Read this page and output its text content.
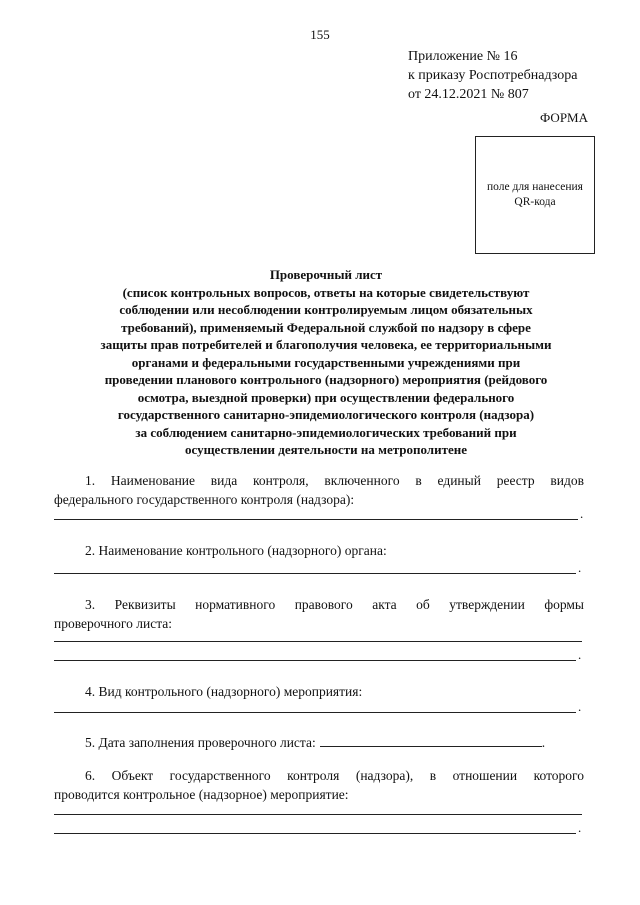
155
Приложение № 16
к приказу Роспотребнадзора
от 24.12.2021 № 807
ФОРМА
поле для нанесения
QR-кода
Проверочный лист
(список контрольных вопросов, ответы на которые свидетельствуют
соблюдении или несоблюдении контролируемым лицом обязательных
требований), применяемый Федеральной службой по надзору в сфере
защиты прав потребителей и благополучия человека, ее территориальными
органами и федеральными государственными учреждениями при
проведении планового контрольного (надзорного) мероприятия (рейдового
осмотра, выездной проверки) при осуществлении федерального
государственного санитарно-эпидемиологического контроля (надзора)
за соблюдением санитарно-эпидемиологических требований при
осуществлении деятельности на метрополитене
1. Наименование вида контроля, включенного в единый реестр видов
федерального государственного контроля (надзора):
.
2. Наименование контрольного (надзорного) органа:
.
3. Реквизиты нормативного правового акта об утверждении формы
проверочного листа:
.
4. Вид контрольного (надзорного) мероприятия:
.
5. Дата заполнения проверочного листа:	.
6. Объект государственного контроля (надзора), в отношении которого
проводится контрольное (надзорное) мероприятие:
.
